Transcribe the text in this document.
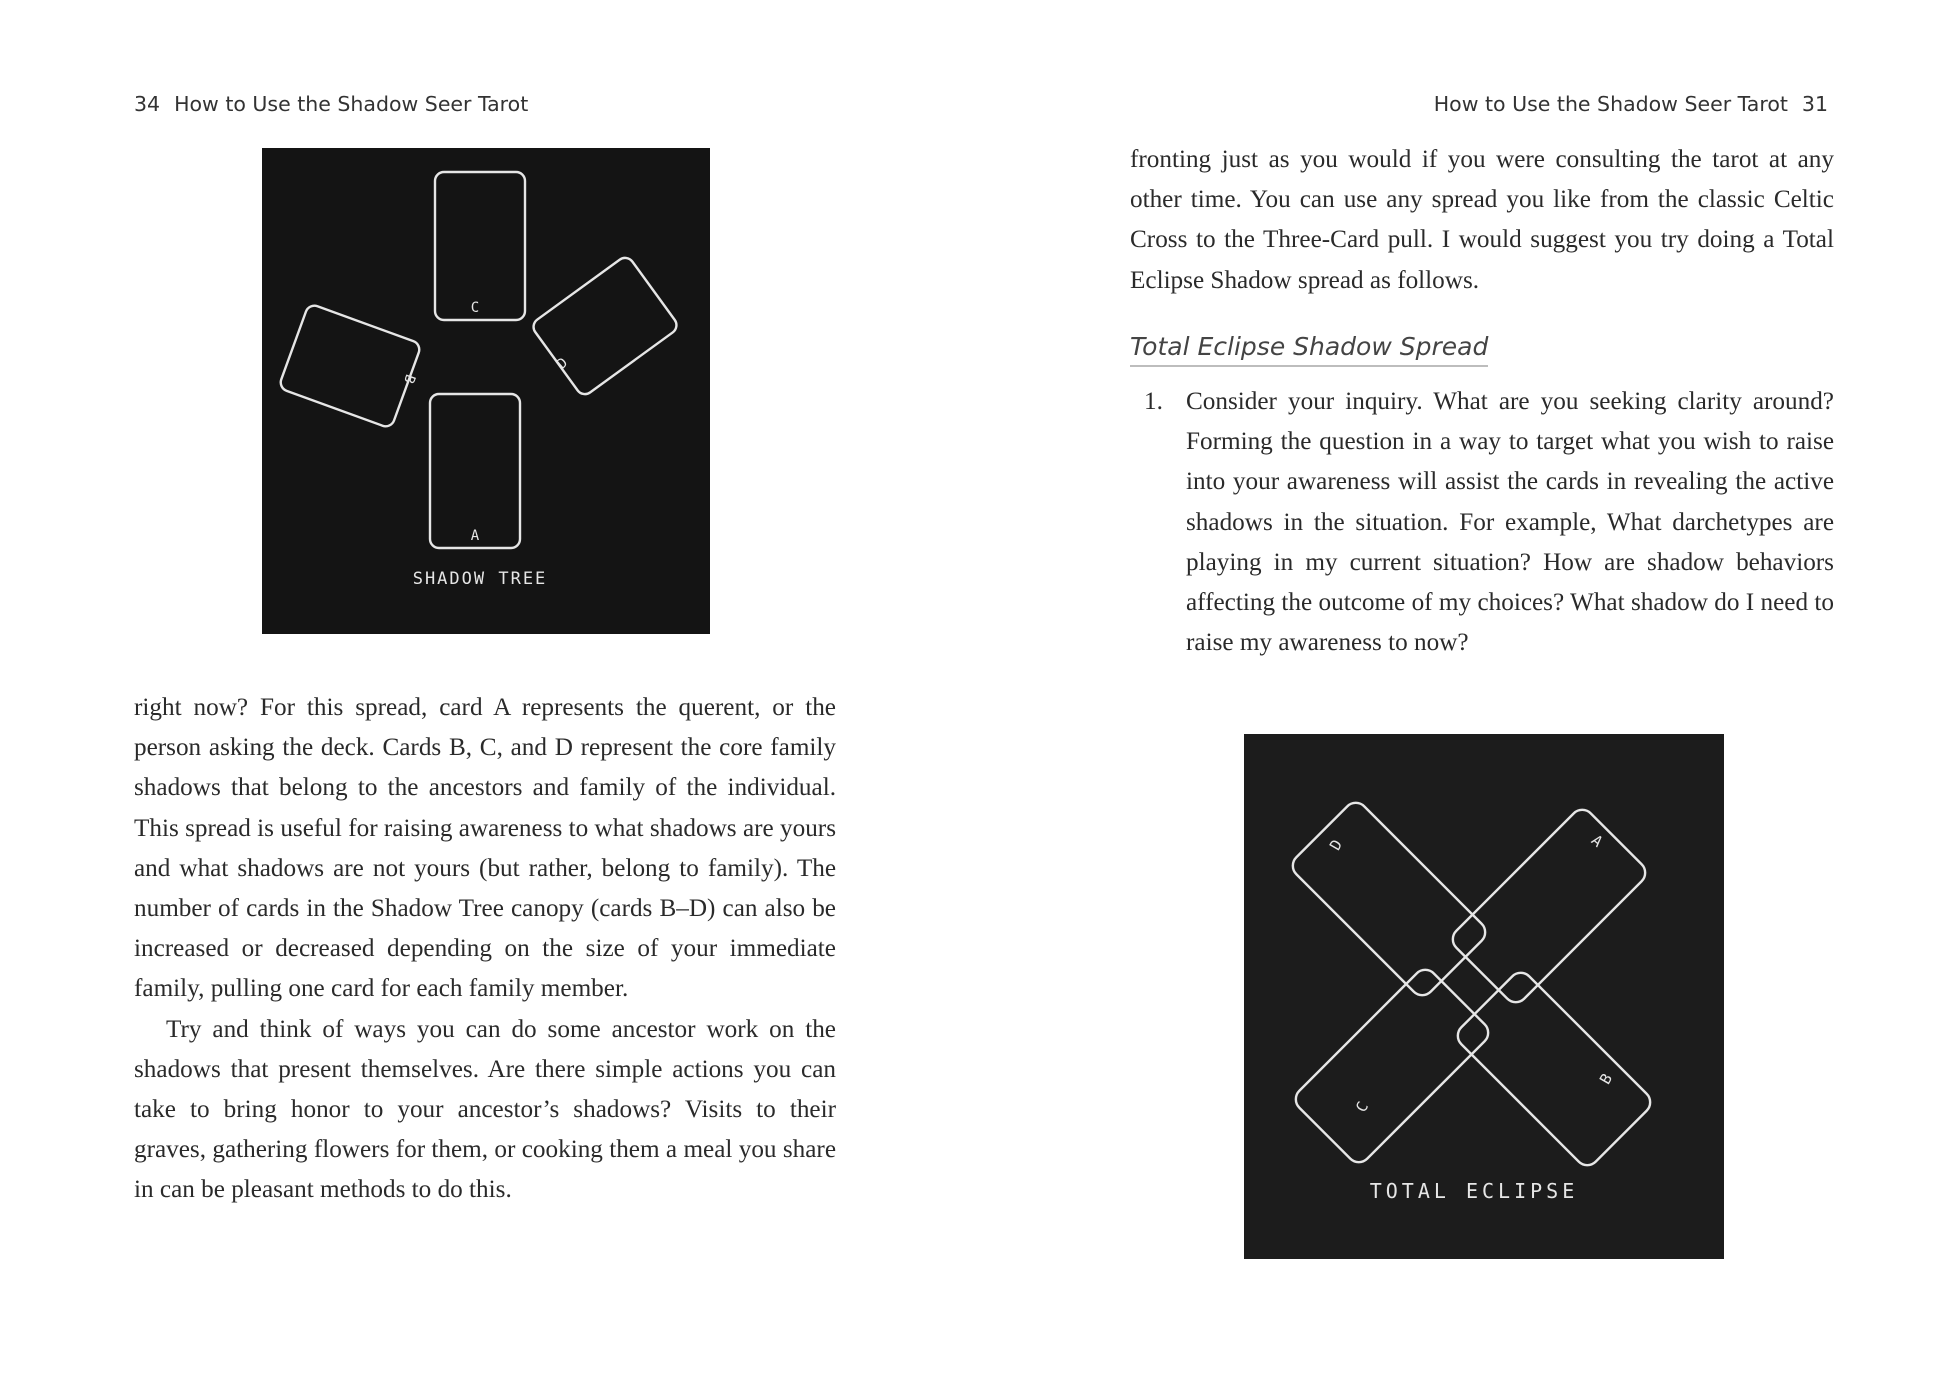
34 How to Use the Shadow Seer Tarot
C
A
B
D
SHADOW TREE

right now? For this spread, card A represents the querent, or the person asking the deck. Cards B, C, and D represent the core family shadows that belong to the ancestors and family of the individual. This spread is useful for raising awareness to what shadows are yours and what shadows are not yours (but rather, belong to family). The number of cards in the Shadow Tree canopy (cards B–D) can also be increased or decreased depending on the size of your immediate family, pulling one card for each family member.

Try and think of ways you can do some ancestor work on the shadows that present themselves. Are there simple actions you can take to bring honor to your ancestor’s shadows? Visits to their graves, gathering flowers for them, or cooking them a meal you share in can be pleasant methods to do this.

How to Use the Shadow Seer Tarot 31

fronting just as you would if you were consulting the tarot at any other time. You can use any spread you like from the classic Celtic Cross to the Three-Card pull. I would suggest you try doing a Total Eclipse Shadow spread as follows.

Total Eclipse Shadow Spread
1. Consider your inquiry. What are you seeking clarity around? Forming the question in a way to target what you wish to raise into your awareness will assist the cards in revealing the active shadows in the situation. For example, What darchetypes are playing in my current situation? How are shadow behaviors affecting the outcome of my choices? What shadow do I need to raise my awareness to now?
D	A
C
B
TOTAL ECLIPSE
